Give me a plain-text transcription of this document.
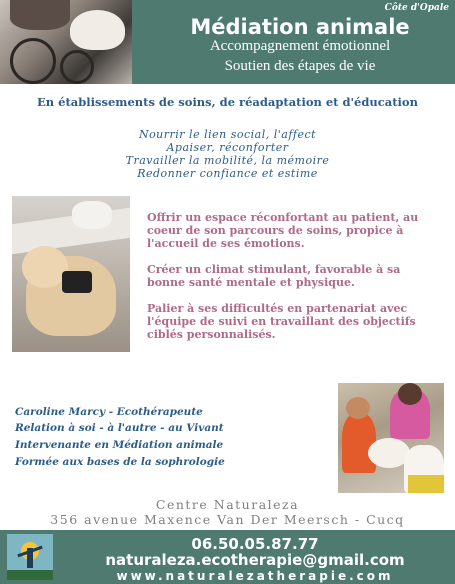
Côte d'Opale
Médiation animale
Accompagnement émotionnel
Soutien des étapes de vie
En établissements de soins, de réadaptation et d'éducation
Nourrir le lien social, l'affect
Apaiser, réconforter
Travailler la mobilité, la mémoire
Redonner confiance et estime
Offrir un espace réconfortant au patient, au coeur de son parcours de soins, propice à l'accueil de ses émotions.
Créer un climat stimulant, favorable à sa bonne santé mentale et physique.
Palier à ses difficultés en partenariat avec l'équipe de suivi en travaillant des objectifs ciblés personnalisés.
Caroline Marcy - Ecothérapeute
Relation à soi - à l'autre - au Vivant
Intervenante en Médiation animale
Formée aux bases de la sophrologie
Centre Naturaleza
356 avenue Maxence Van Der Meersch - Cucq
06.50.05.87.77
naturaleza.ecotherapie@gmail.com
www.naturalezatherapie.com
